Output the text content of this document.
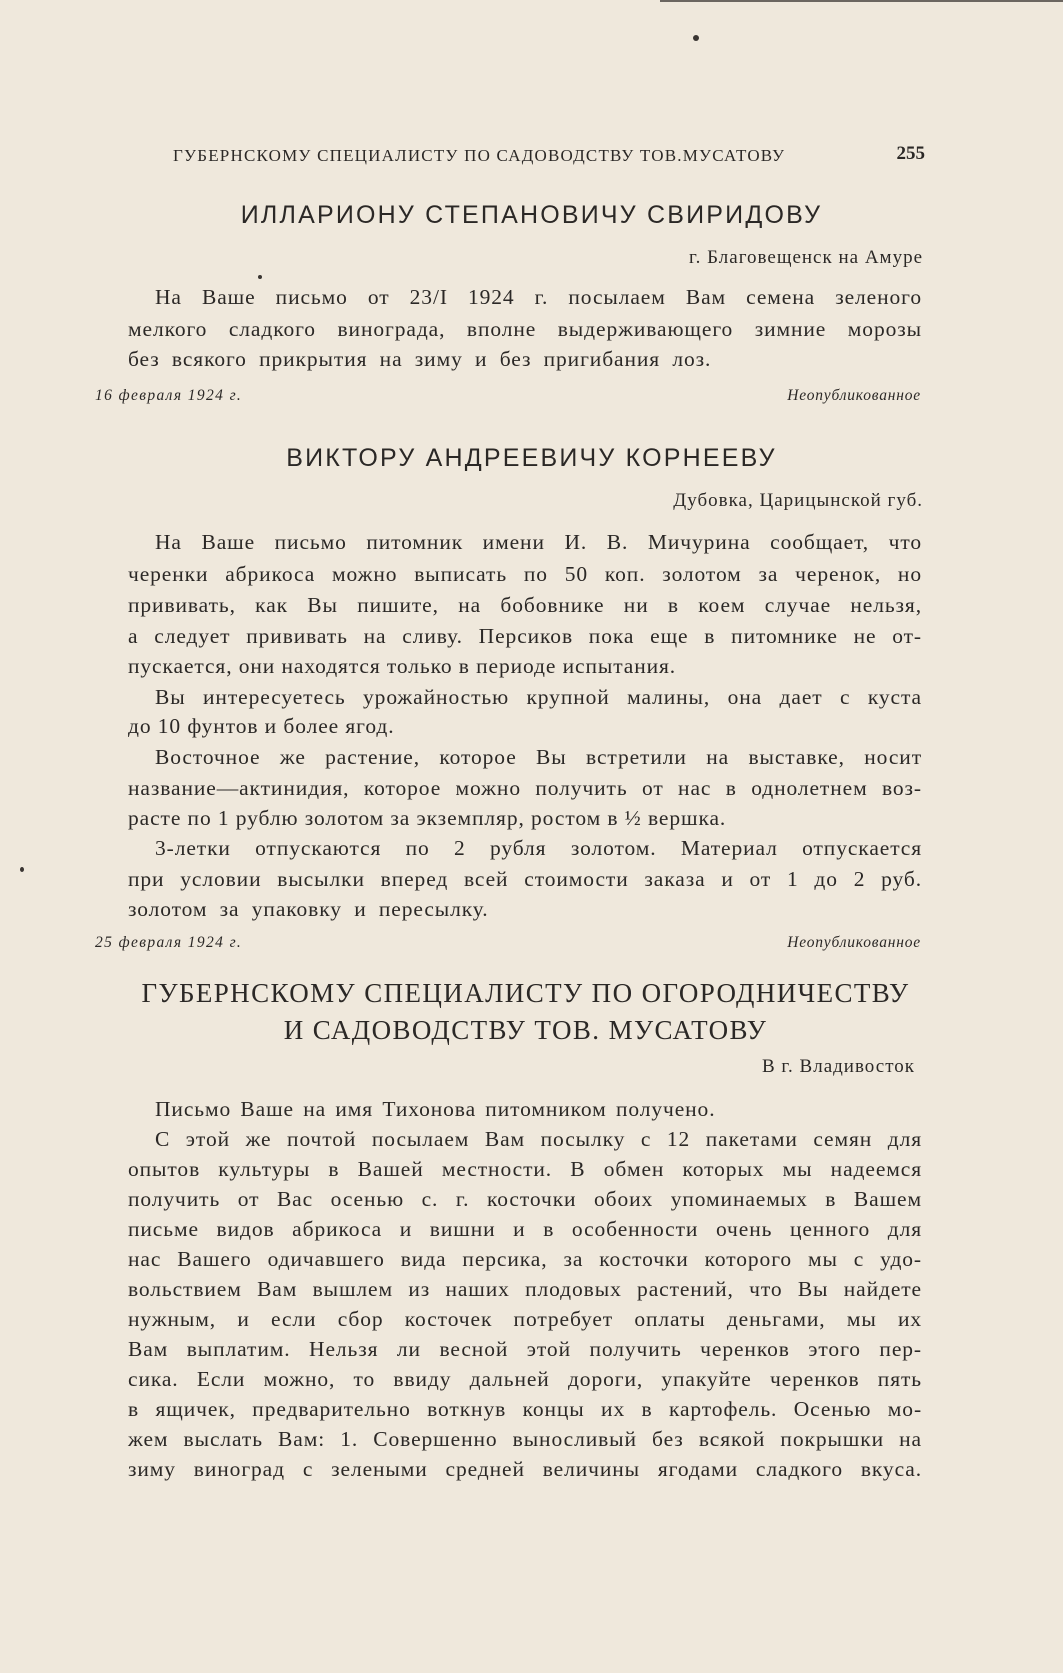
ГУБЕРНСКОМУ СПЕЦИАЛИСТУ ПО САДОВОДСТВУ ТОВ.МУСАТОВУ	255
ИЛЛАРИОНУ СТЕПАНОВИЧУ СВИРИДОВУ
г. Благовещенск на Амуре
На Ваше письмо от 23/I 1924 г. посылаем Вам семена зеленого
мелкого сладкого винограда, вполне выдерживающего зимние морозы
без всякого прикрытия на зиму и без пригибания лоз.
16 февраля 1924 г.	Неопубликованное
ВИКТОРУ АНДРЕЕВИЧУ КОРНЕЕВУ
Дубовка, Царицынской губ.
На Ваше письмо питомник имени И. В. Мичурина сообщает, что
черенки абрикоса можно выписать по 50 коп. золотом за черенок, но
прививать, как Вы пишите, на бобовнике ни в коем случае нельзя,
а следует прививать на сливу. Персиков пока еще в питомнике не от-
пускается, они находятся только в периоде испытания.
Вы интересуетесь урожайностью крупной малины, она дает с куста
до 10 фунтов и более ягод.
Восточное же растение, которое Вы встретили на выставке, носит
название—актинидия, которое можно получить от нас в однолетнем воз-
расте по 1 рублю золотом за экземпляр, ростом в ½ вершка.
3-летки отпускаются по 2 рубля золотом. Материал отпускается
при условии высылки вперед всей стоимости заказа и от 1 до 2 руб.
золотом за упаковку и пересылку.
25 февраля 1924 г.	Неопубликованное
ГУБЕРНСКОМУ СПЕЦИАЛИСТУ ПО ОГОРОДНИЧЕСТВУ
И САДОВОДСТВУ ТОВ. МУСАТОВУ
В г. Владивосток
Письмо Ваше на имя Тихонова питомником получено.
С этой же почтой посылаем Вам посылку с 12 пакетами семян для
опытов культуры в Вашей местности. В обмен которых мы надеемся
получить от Вас осенью с. г. косточки обоих упоминаемых в Вашем
письме видов абрикоса и вишни и в особенности очень ценного для
нас Вашего одичавшего вида персика, за косточки которого мы с удо-
вольствием Вам вышлем из наших плодовых растений, что Вы найдете
нужным, и если сбор косточек потребует оплаты деньгами, мы их
Вам выплатим. Нельзя ли весной этой получить черенков этого пер-
сика. Если можно, то ввиду дальней дороги, упакуйте черенков пять
в ящичек, предварительно воткнув концы их в картофель. Осенью мо-
жем выслать Вам: 1. Совершенно выносливый без всякой покрышки на
зиму виноград с зелеными средней величины ягодами сладкого вкуса.
